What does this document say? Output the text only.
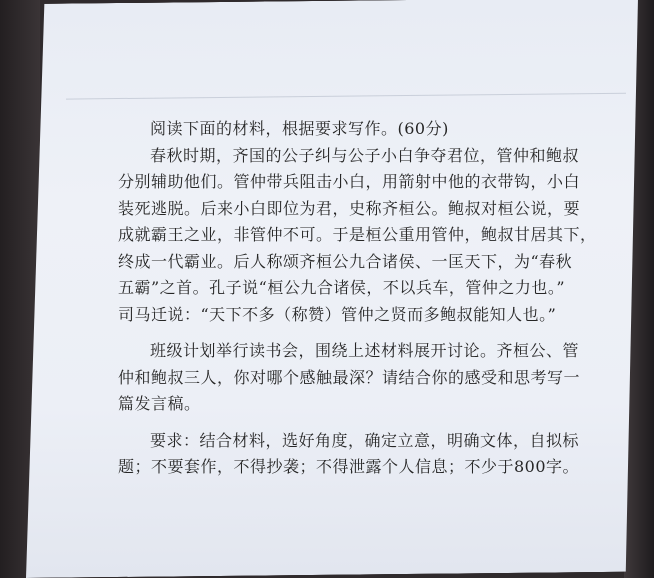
阅读下面的材料，根据要求写作。(60分)
春秋时期，齐国的公子纠与公子小白争夺君位，管仲和鲍叔
分别辅助他们。管仲带兵阻击小白，用箭射中他的衣带钩，小白
装死逃脱。后来小白即位为君，史称齐桓公。鲍叔对桓公说，要
成就霸王之业，非管仲不可。于是桓公重用管仲，鲍叔甘居其下，
终成一代霸业。后人称颂齐桓公九合诸侯、一匡天下，为“春秋
五霸”之首。孔子说“桓公九合诸侯，不以兵车，管仲之力也。”
司马迁说：“天下不多（称赞）管仲之贤而多鲍叔能知人也。”
班级计划举行读书会，围绕上述材料展开讨论。齐桓公、管
仲和鲍叔三人，你对哪个感触最深？请结合你的感受和思考写一
篇发言稿。
要求：结合材料，选好角度，确定立意，明确文体，自拟标
题；不要套作，不得抄袭；不得泄露个人信息；不少于800字。
